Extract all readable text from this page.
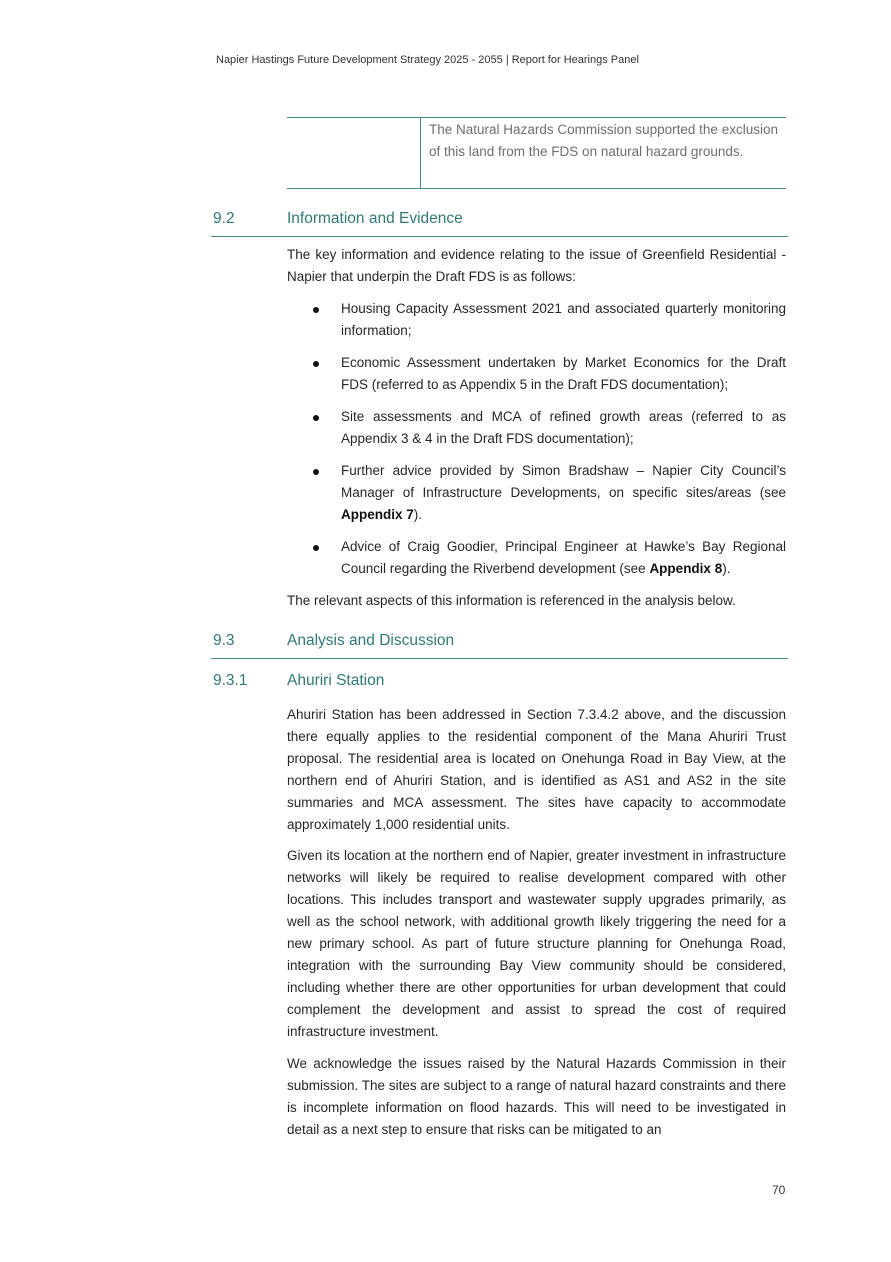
Napier Hastings Future Development Strategy 2025 - 2055 | Report for Hearings Panel
The Natural Hazards Commission supported the exclusion of this land from the FDS on natural hazard grounds.
9.2	Information and Evidence
The key information and evidence relating to the issue of Greenfield Residential - Napier that underpin the Draft FDS is as follows:
Housing Capacity Assessment 2021 and associated quarterly monitoring information;
Economic Assessment undertaken by Market Economics for the Draft FDS (referred to as Appendix 5 in the Draft FDS documentation);
Site assessments and MCA of refined growth areas (referred to as Appendix 3 & 4 in the Draft FDS documentation);
Further advice provided by Simon Bradshaw – Napier City Council’s Manager of Infrastructure Developments, on specific sites/areas (see Appendix 7).
Advice of Craig Goodier, Principal Engineer at Hawke’s Bay Regional Council regarding the Riverbend development (see Appendix 8).
The relevant aspects of this information is referenced in the analysis below.
9.3	Analysis and Discussion
9.3.1	Ahuriri Station
Ahuriri Station has been addressed in Section 7.3.4.2 above, and the discussion there equally applies to the residential component of the Mana Ahuriri Trust proposal. The residential area is located on Onehunga Road in Bay View, at the northern end of Ahuriri Station, and is identified as AS1 and AS2 in the site summaries and MCA assessment. The sites have capacity to accommodate approximately 1,000 residential units.
Given its location at the northern end of Napier, greater investment in infrastructure networks will likely be required to realise development compared with other locations. This includes transport and wastewater supply upgrades primarily, as well as the school network, with additional growth likely triggering the need for a new primary school. As part of future structure planning for Onehunga Road, integration with the surrounding Bay View community should be considered, including whether there are other opportunities for urban development that could complement the development and assist to spread the cost of required infrastructure investment.
We acknowledge the issues raised by the Natural Hazards Commission in their submission. The sites are subject to a range of natural hazard constraints and there is incomplete information on flood hazards. This will need to be investigated in detail as a next step to ensure that risks can be mitigated to an
70
